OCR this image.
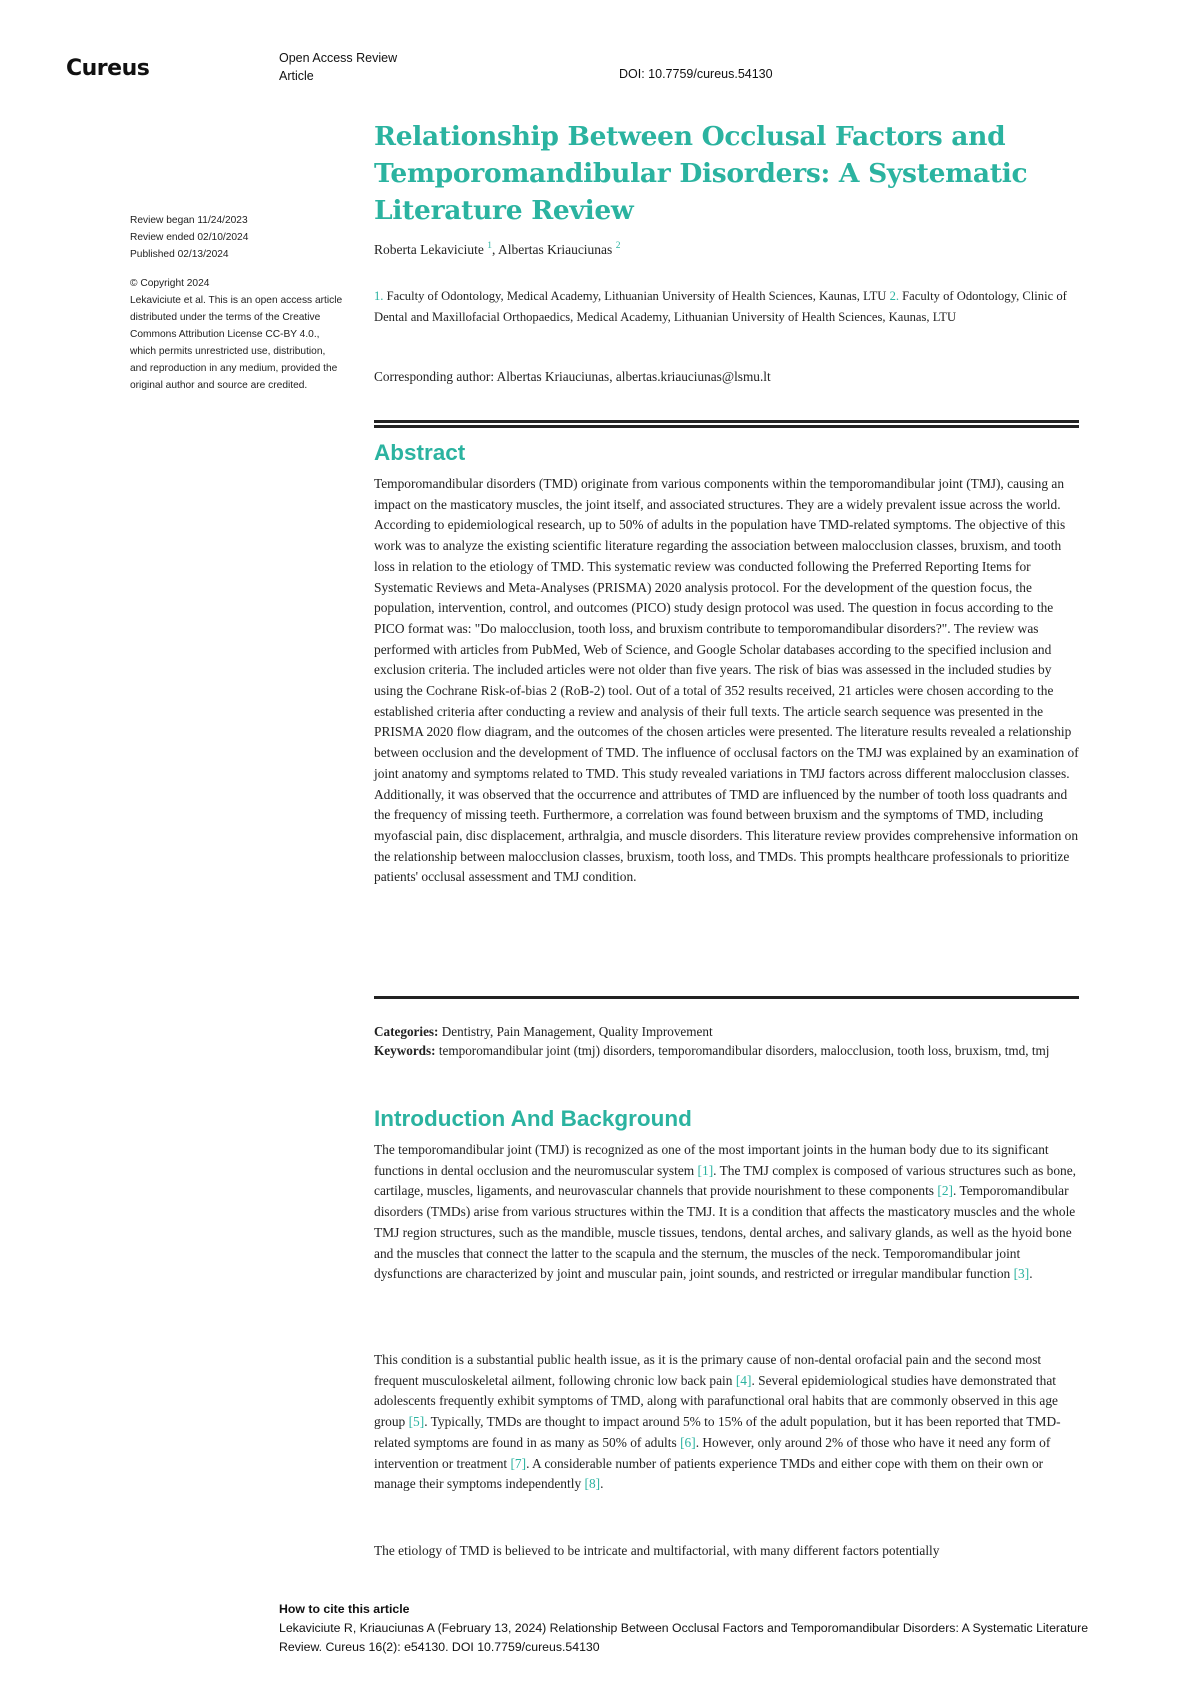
Cureus	Open Access Review
Article	DOI: 10.7759/cureus.54130
Review began 11/24/2023
Review ended 02/10/2024
Published 02/13/2024
© Copyright 2024
Lekaviciute et al. This is an open access article distributed under the terms of the Creative Commons Attribution License CC-BY 4.0., which permits unrestricted use, distribution, and reproduction in any medium, provided the original author and source are credited.
Relationship Between Occlusal Factors and Temporomandibular Disorders: A Systematic Literature Review
Roberta Lekaviciute $^1$, Albertas Kriauciunas $^2$
1. Faculty of Odontology, Medical Academy, Lithuanian University of Health Sciences, Kaunas, LTU 2. Faculty of Odontology, Clinic of Dental and Maxillofacial Orthopaedics, Medical Academy, Lithuanian University of Health Sciences, Kaunas, LTU
Corresponding author: Albertas Kriauciunas, albertas.kriauciunas@lsmu.lt
Abstract

Temporomandibular disorders (TMD) originate from various components within the temporomandibular joint (TMJ), causing an impact on the masticatory muscles, the joint itself, and associated structures. They are a widely prevalent issue across the world. According to epidemiological research, up to 50% of adults in the population have TMD-related symptoms. The objective of this work was to analyze the existing scientific literature regarding the association between malocclusion classes, bruxism, and tooth loss in relation to the etiology of TMD. This systematic review was conducted following the Preferred Reporting Items for Systematic Reviews and Meta-Analyses (PRISMA) 2020 analysis protocol. For the development of the question focus, the population, intervention, control, and outcomes (PICO) study design protocol was used. The question in focus according to the PICO format was: "Do malocclusion, tooth loss, and bruxism contribute to temporomandibular disorders?". The review was performed with articles from PubMed, Web of Science, and Google Scholar databases according to the specified inclusion and exclusion criteria. The included articles were not older than five years. The risk of bias was assessed in the included studies by using the Cochrane Risk-of-bias 2 (RoB-2) tool. Out of a total of 352 results received, 21 articles were chosen according to the established criteria after conducting a review and analysis of their full texts. The article search sequence was presented in the PRISMA 2020 flow diagram, and the outcomes of the chosen articles were presented. The literature results revealed a relationship between occlusion and the development of TMD. The influence of occlusal factors on the TMJ was explained by an examination of joint anatomy and symptoms related to TMD. This study revealed variations in TMJ factors across different malocclusion classes. Additionally, it was observed that the occurrence and attributes of TMD are influenced by the number of tooth loss quadrants and the frequency of missing teeth. Furthermore, a correlation was found between bruxism and the symptoms of TMD, including myofascial pain, disc displacement, arthralgia, and muscle disorders. This literature review provides comprehensive information on the relationship between malocclusion classes, bruxism, tooth loss, and TMDs. This prompts healthcare professionals to prioritize patients' occlusal assessment and TMJ condition.

Categories: Dentistry, Pain Management, Quality Improvement
Keywords: temporomandibular joint (tmj) disorders, temporomandibular disorders, malocclusion, tooth loss, bruxism, tmd, tmj
Introduction And Background

The temporomandibular joint (TMJ) is recognized as one of the most important joints in the human body due to its significant functions in dental occlusion and the neuromuscular system [1]. The TMJ complex is composed of various structures such as bone, cartilage, muscles, ligaments, and neurovascular channels that provide nourishment to these components [2]. Temporomandibular disorders (TMDs) arise from various structures within the TMJ. It is a condition that affects the masticatory muscles and the whole TMJ region structures, such as the mandible, muscle tissues, tendons, dental arches, and salivary glands, as well as the hyoid bone and the muscles that connect the latter to the scapula and the sternum, the muscles of the neck. Temporomandibular joint dysfunctions are characterized by joint and muscular pain, joint sounds, and restricted or irregular mandibular function [3].

This condition is a substantial public health issue, as it is the primary cause of non-dental orofacial pain and the second most frequent musculoskeletal ailment, following chronic low back pain [4]. Several epidemiological studies have demonstrated that adolescents frequently exhibit symptoms of TMD, along with parafunctional oral habits that are commonly observed in this age group [5]. Typically, TMDs are thought to impact around 5% to 15% of the adult population, but it has been reported that TMD-related symptoms are found in as many as 50% of adults [6]. However, only around 2% of those who have it need any form of intervention or treatment [7]. A considerable number of patients experience TMDs and either cope with them on their own or manage their symptoms independently [8].

The etiology of TMD is believed to be intricate and multifactorial, with many different factors potentially

How to cite this article
Lekaviciute R, Kriauciunas A (February 13, 2024) Relationship Between Occlusal Factors and Temporomandibular Disorders: A Systematic Literature Review. Cureus 16(2): e54130. DOI 10.7759/cureus.54130
